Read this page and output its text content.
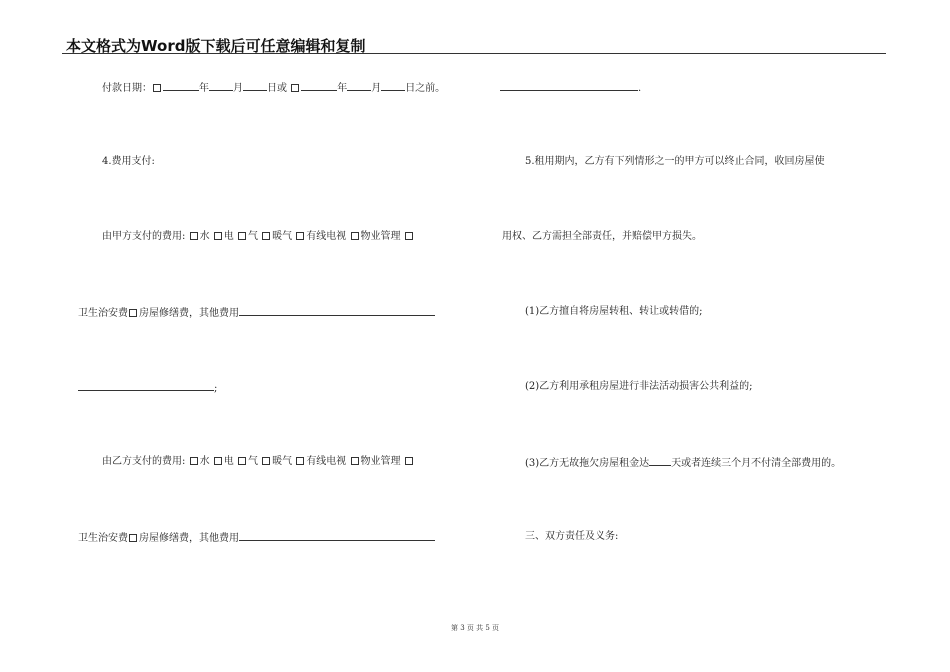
本文格式为Word版下载后可任意编辑和复制
付款日期：	年 月 日或	年 月 日之前。
4.费用支付:
由甲方支付的费用: 水 电 气 暖气 有线电视 物业管理
卫生治安费 房屋修缮费，其他费用
;
由乙方支付的费用: 水 电 气 暖气 有线电视 物业管理
卫生治安费 房屋修缮费，其他费用
.
5.租用期内，乙方有下列情形之一的甲方可以终止合同，收回房屋使
用权、乙方需担全部责任，并赔偿甲方损失。
(1)乙方擅自将房屋转租、转让或转借的;
(2)乙方利用承租房屋进行非法活动损害公共利益的;
(3)乙方无故拖欠房屋租金达 天或者连续三个月不付清全部费用的。
三、双方责任及义务:
第 3 页 共 5 页
